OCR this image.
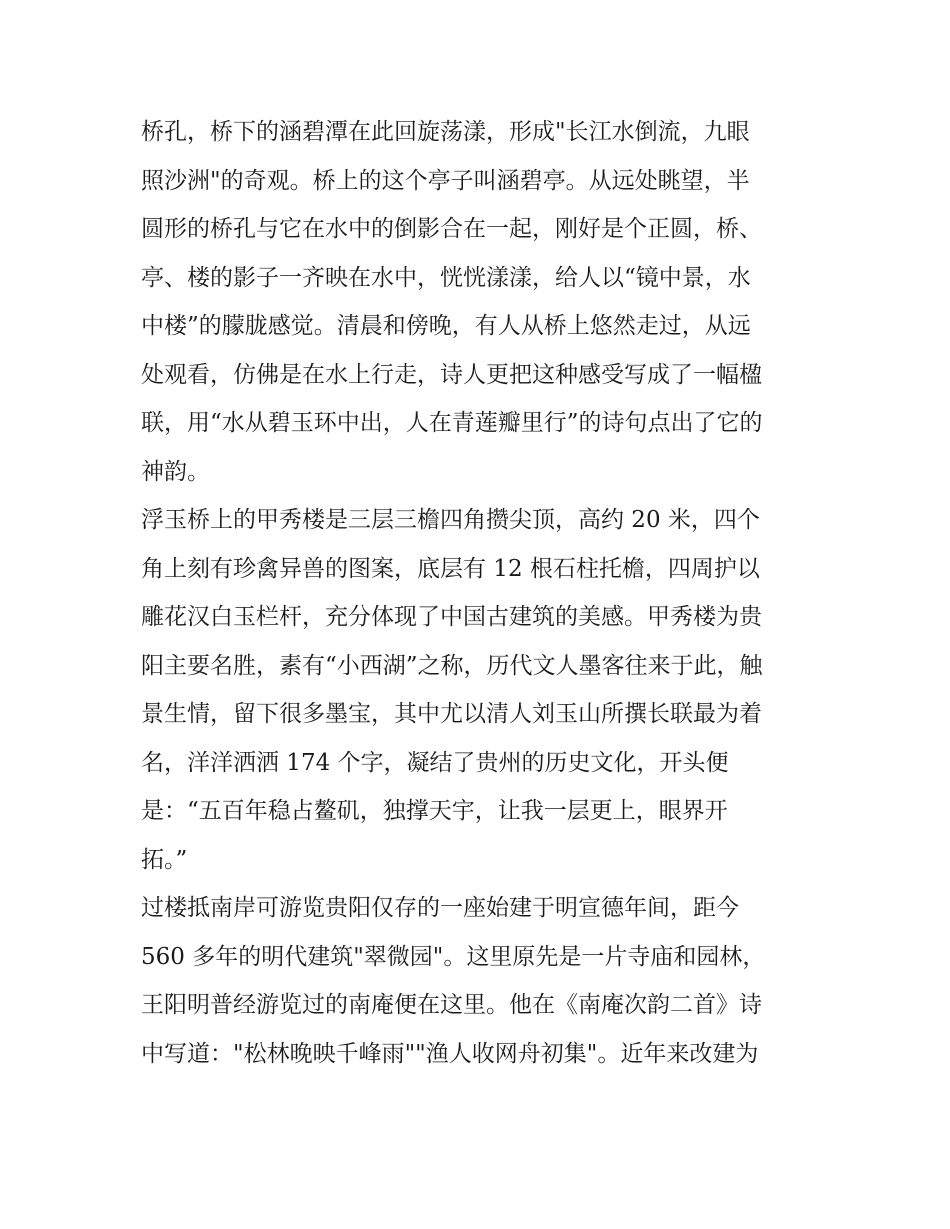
桥孔，桥下的涵碧潭在此回旋荡漾，形成"长江水倒流，九眼
照沙洲"的奇观。桥上的这个亭子叫涵碧亭。从远处眺望，半
圆形的桥孔与它在水中的倒影合在一起，刚好是个正圆，桥、
亭、楼的影子一齐映在水中，恍恍漾漾，给人以“镜中景，水
中楼”的朦胧感觉。清晨和傍晚，有人从桥上悠然走过，从远
处观看，仿佛是在水上行走，诗人更把这种感受写成了一幅楹
联，用“水从碧玉环中出，人在青莲瓣里行”的诗句点出了它的
神韵。
浮玉桥上的甲秀楼是三层三檐四角攒尖顶，高约 20 米，四个
角上刻有珍禽异兽的图案，底层有 12 根石柱托檐，四周护以
雕花汉白玉栏杆，充分体现了中国古建筑的美感。甲秀楼为贵
阳主要名胜，素有“小西湖”之称，历代文人墨客往来于此，触
景生情，留下很多墨宝，其中尤以清人刘玉山所撰长联最为着
名，洋洋洒洒 174 个字，凝结了贵州的历史文化，开头便
是：“五百年稳占鳌矶，独撑天宇，让我一层更上，眼界开
拓。”
过楼抵南岸可游览贵阳仅存的一座始建于明宣德年间，距今
560 多年的明代建筑"翠微园"。这里原先是一片寺庙和园林，
王阳明普经游览过的南庵便在这里。他在《南庵次韵二首》诗
中写道："松林晚映千峰雨""渔人收网舟初集"。近年来改建为
